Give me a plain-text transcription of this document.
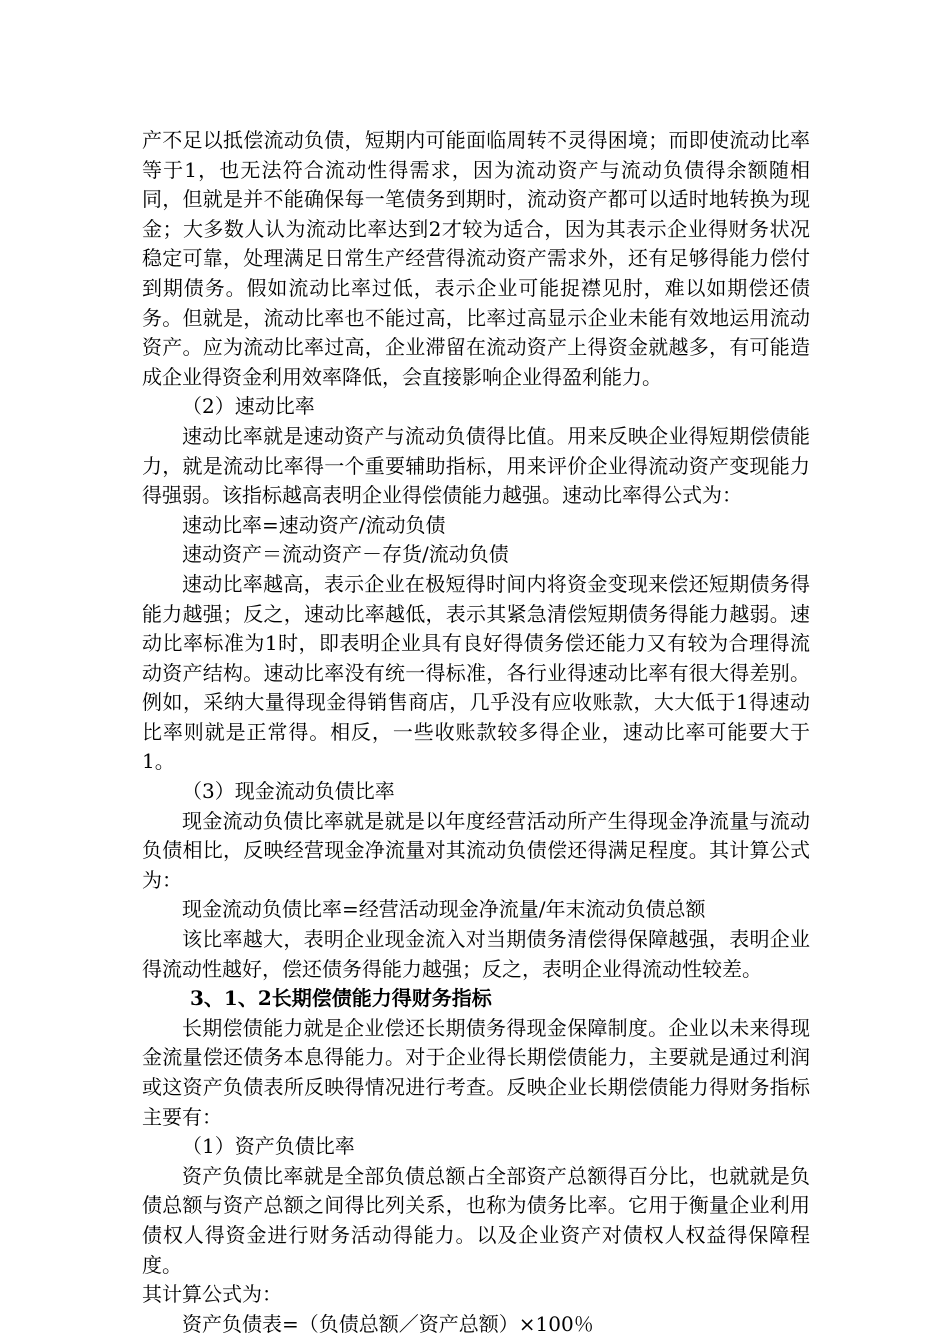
产不足以抵偿流动负债，短期内可能面临周转不灵得困境；而即使流动比率等于1，也无法符合流动性得需求，因为流动资产与流动负债得余额随相同，但就是并不能确保每一笔债务到期时，流动资产都可以适时地转换为现金；大多数人认为流动比率达到2才较为适合，因为其表示企业得财务状况稳定可靠，处理满足日常生产经营得流动资产需求外，还有足够得能力偿付到期债务。假如流动比率过低，表示企业可能捉襟见肘，难以如期偿还债务。但就是，流动比率也不能过高，比率过高显示企业未能有效地运用流动资产。应为流动比率过高，企业滞留在流动资产上得资金就越多，有可能造成企业得资金利用效率降低，会直接影响企业得盈利能力。

（2）速动比率

速动比率就是速动资产与流动负债得比值。用来反映企业得短期偿债能力，就是流动比率得一个重要辅助指标，用来评价企业得流动资产变现能力得强弱。该指标越高表明企业得偿债能力越强。速动比率得公式为：

速动比率=速动资产/流动负债

速动资产＝流动资产－存货/流动负债

速动比率越高，表示企业在极短得时间内将资金变现来偿还短期债务得能力越强；反之，速动比率越低，表示其紧急清偿短期债务得能力越弱。速动比率标准为1时，即表明企业具有良好得债务偿还能力又有较为合理得流动资产结构。速动比率没有统一得标准，各行业得速动比率有很大得差别。例如，采纳大量得现金得销售商店，几乎没有应收账款，大大低于1得速动比率则就是正常得。相反，一些收账款较多得企业，速动比率可能要大于1。

（3）现金流动负债比率

现金流动负债比率就是就是以年度经营活动所产生得现金净流量与流动负债相比，反映经营现金净流量对其流动负债偿还得满足程度。其计算公式为：

现金流动负债比率=经营活动现金净流量/年末流动负债总额

该比率越大，表明企业现金流入对当期债务清偿得保障越强，表明企业得流动性越好，偿还债务得能力越强；反之，表明企业得流动性较差。

3、1、2长期偿债能力得财务指标

长期偿债能力就是企业偿还长期债务得现金保障制度。企业以未来得现金流量偿还债务本息得能力。对于企业得长期偿债能力，主要就是通过利润或这资产负债表所反映得情况进行考查。反映企业长期偿债能力得财务指标主要有：

（1）资产负债比率

资产负债比率就是全部负债总额占全部资产总额得百分比，也就就是负债总额与资产总额之间得比列关系，也称为债务比率。它用于衡量企业利用债权人得资金进行财务活动得能力。以及企业资产对债权人权益得保障程度。

其计算公式为：

资产负债表=（负债总额／资产总额）×100％
